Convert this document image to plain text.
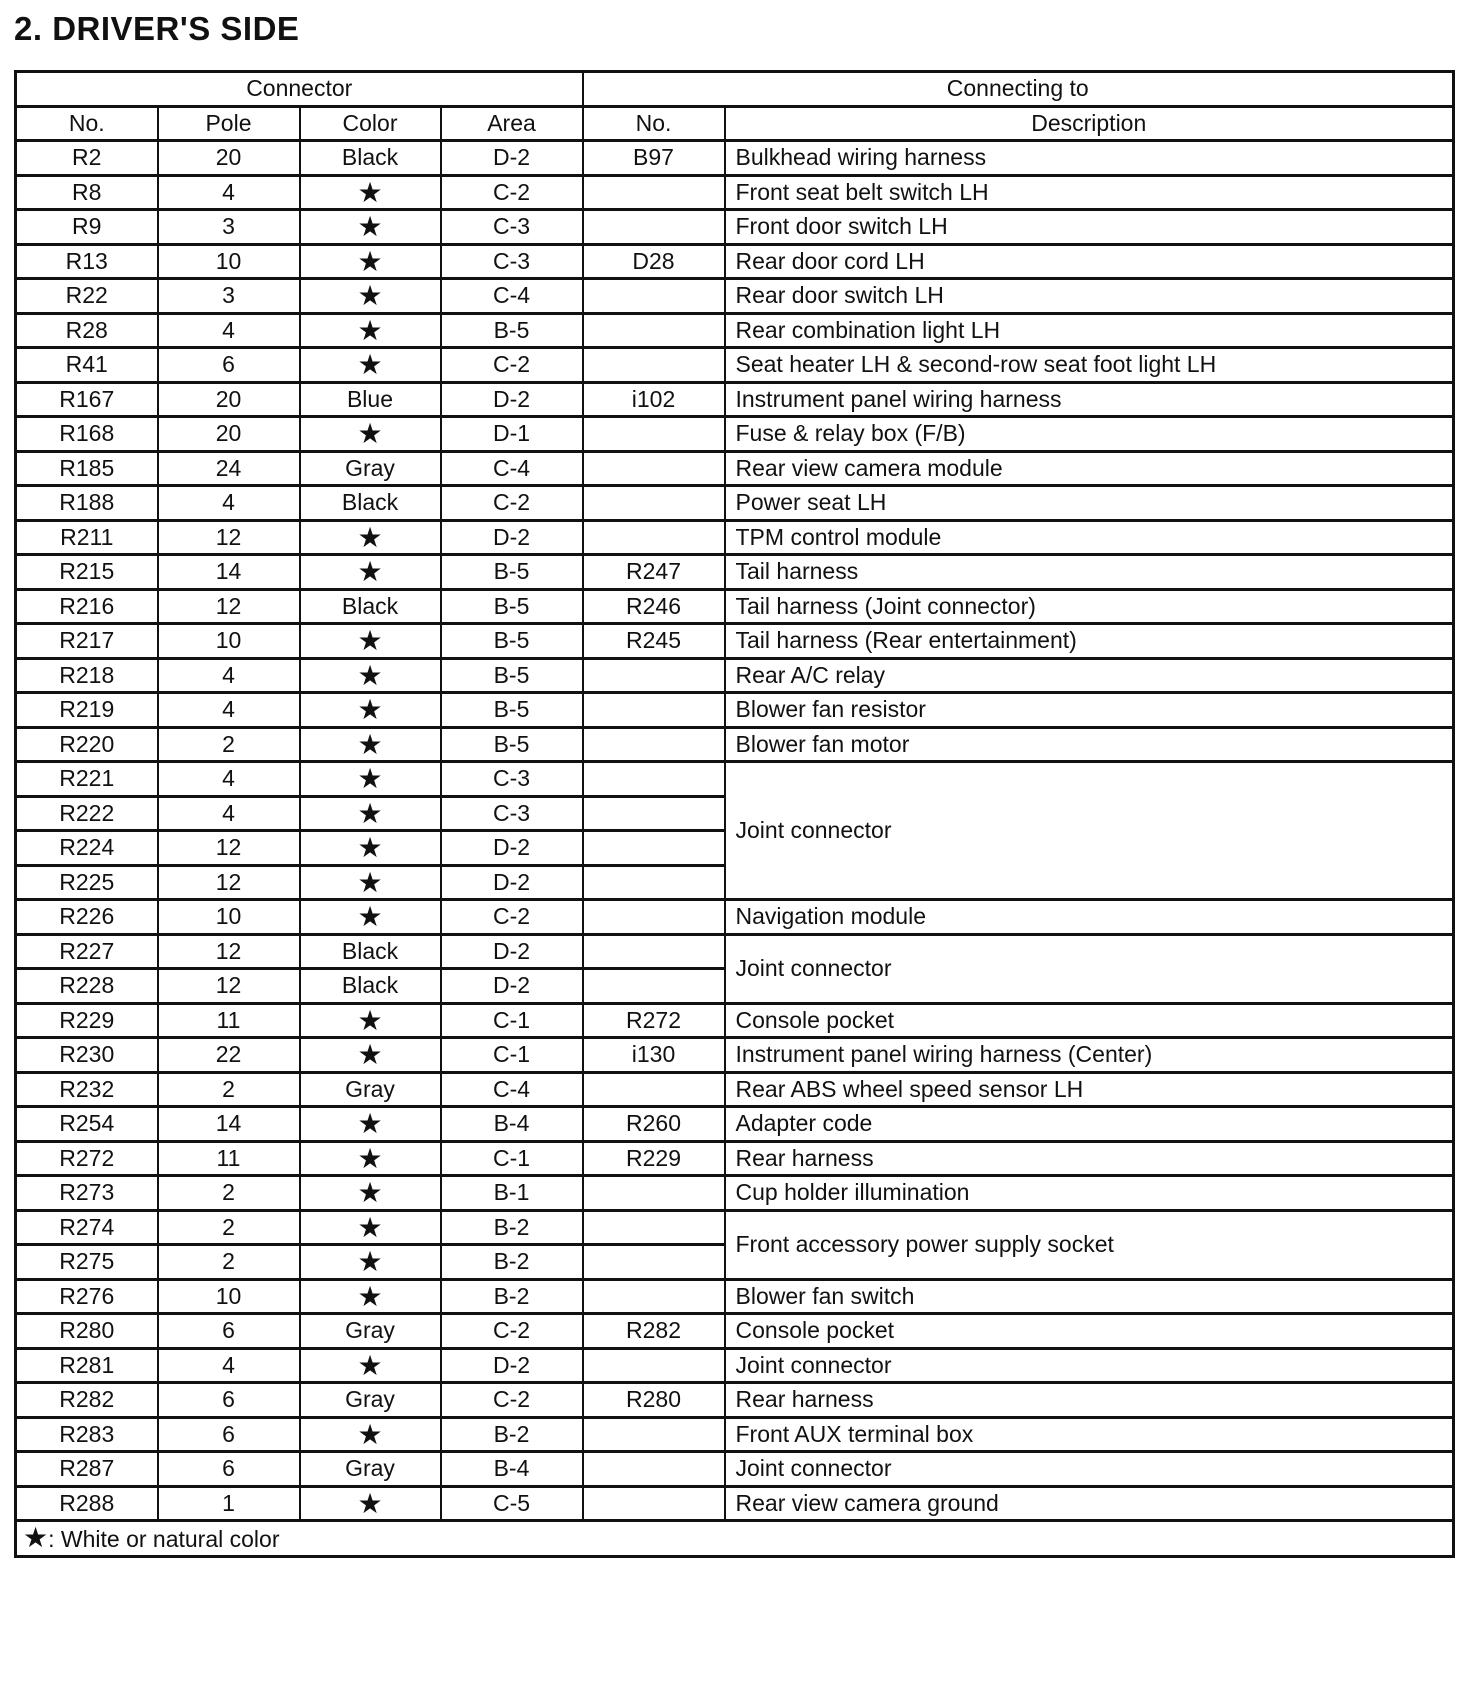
2. DRIVER'S SIDE
Connector				Connecting to	
No.	Pole	Color	Area	No.	Description
R2	20	Black	D-2	B97	Bulkhead wiring harness
R8	4	★	C-2		Front seat belt switch LH
R9	3	★	C-3		Front door switch LH
R13	10	★	C-3	D28	Rear door cord LH
R22	3	★	C-4		Rear door switch LH
R28	4	★	B-5		Rear combination light LH
R41	6	★	C-2		Seat heater LH & second-row seat foot light LH
R167	20	Blue	D-2	i102	Instrument panel wiring harness
R168	20	★	D-1		Fuse & relay box (F/B)
R185	24	Gray	C-4		Rear view camera module
R188	4	Black	C-2		Power seat LH
R211	12	★	D-2		TPM control module
R215	14	★	B-5	R247	Tail harness
R216	12	Black	B-5	R246	Tail harness (Joint connector)
R217	10	★	B-5	R245	Tail harness (Rear entertainment)
R218	4	★	B-5		Rear A/C relay
R219	4	★	B-5		Blower fan resistor
R220	2	★	B-5		Blower fan motor
R221	4	★	C-3		Joint connector
R222	4	★	C-3		
R224	12	★	D-2		
R225	12	★	D-2		
R226	10	★	C-2		Navigation module
R227	12	Black	D-2		Joint connector
R228	12	Black	D-2		
R229	11	★	C-1	R272	Console pocket
R230	22	★	C-1	i130	Instrument panel wiring harness (Center)
R232	2	Gray	C-4		Rear ABS wheel speed sensor LH
R254	14	★	B-4	R260	Adapter code
R272	11	★	C-1	R229	Rear harness
R273	2	★	B-1		Cup holder illumination
R274	2	★	B-2		Front accessory power supply socket
R275	2	★	B-2		
R276	10	★	B-2		Blower fan switch
R280	6	Gray	C-2	R282	Console pocket
R281	4	★	D-2		Joint connector
R282	6	Gray	C-2	R280	Rear harness
R283	6	★	B-2		Front AUX terminal box
R287	6	Gray	B-4		Joint connector
R288	1	★	C-5		Rear view camera ground
★: White or natural color					
